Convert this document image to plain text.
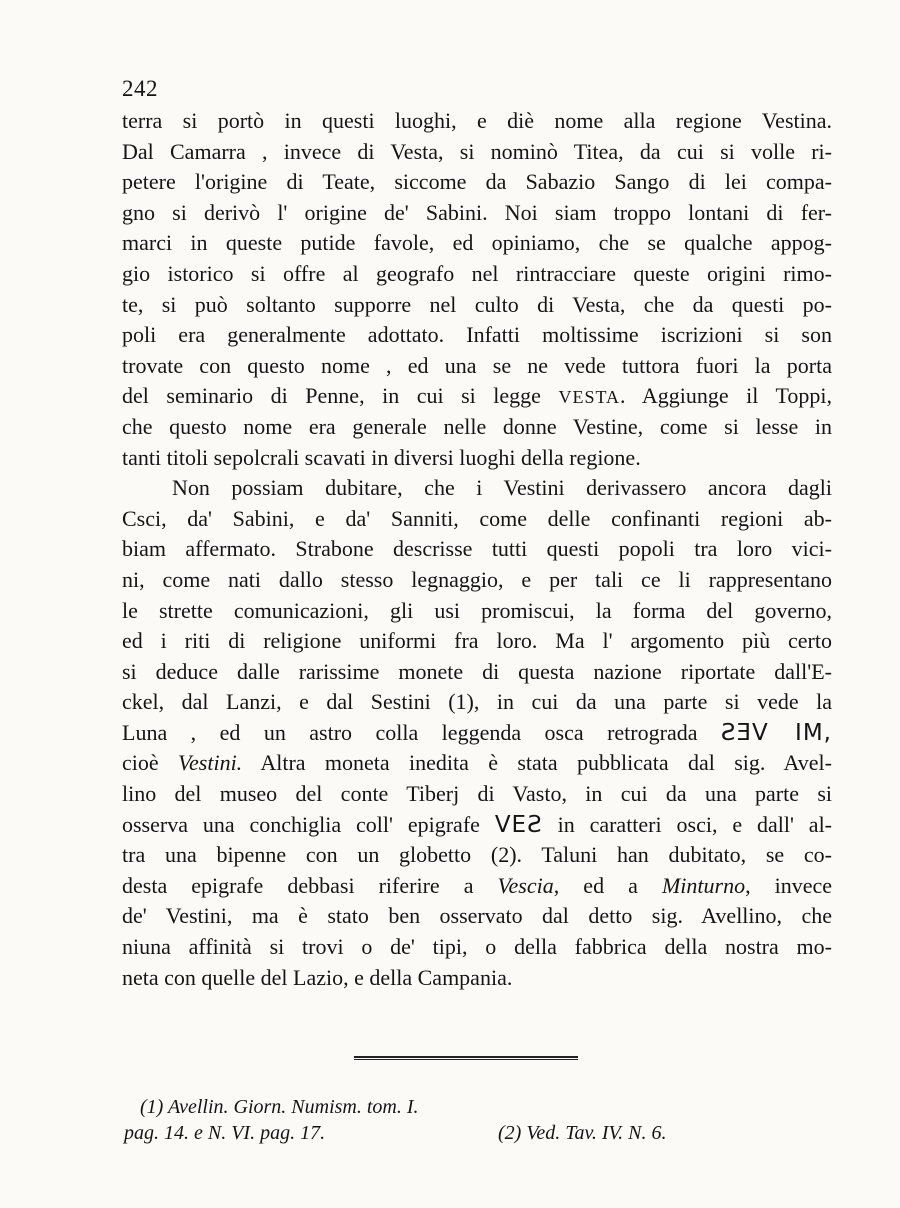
242
terra si portò in questi luoghi, e diè nome alla regione Vestina.
Dal Camarra , invece di Vesta, si nominò Titea, da cui si volle ri-
petere l'origine di Teate, siccome da Sabazio Sango di lei compa-
gno si derivò l' origine de' Sabini. Noi siam troppo lontani di fer-
marci in queste putide favole, ed opiniamo, che se qualche appog-
gio istorico si offre al geografo nel rintracciare queste origini rimo-
te, si può soltanto supporre nel culto di Vesta, che da questi po-
poli era generalmente adottato. Infatti moltissime iscrizioni si son
trovate con questo nome , ed una se ne vede tuttora fuori la porta
del seminario di Penne, in cui si legge VESTA. Aggiunge il Toppi,
che questo nome era generale nelle donne Vestine, come si lesse in
tanti titoli sepolcrali scavati in diversi luoghi della regione.
Non possiam dubitare, che i Vestini derivassero ancora dagli
Csci, da' Sabini, e da' Sanniti, come delle confinanti regioni ab-
biam affermato. Strabone descrisse tutti questi popoli tra loro vici-
ni, come nati dallo stesso legnaggio, e per tali ce li rappresentano
le strette comunicazioni, gli usi promiscui, la forma del governo,
ed i riti di religione uniformi fra loro. Ma l' argomento più certo
si deduce dalle rarissime monete di questa nazione riportate dall'E-
ckel, dal Lanzi, e dal Sestini (1), in cui da una parte si vede la
Luna , ed un astro colla leggenda osca retrograda ƧƎV IM,
cioè Vestini. Altra moneta inedita è stata pubblicata dal sig. Avel-
lino del museo del conte Tiberj di Vasto, in cui da una parte si
osserva una conchiglia coll' epigrafe VEƧ in caratteri osci, e dall' al-
tra una bipenne con un globetto (2). Taluni han dubitato, se co-
desta epigrafe debbasi riferire a Vescia, ed a Minturno, invece
de' Vestini, ma è stato ben osservato dal detto sig. Avellino, che
niuna affinità si trovi o de' tipi, o della fabbrica della nostra mo-
neta con quelle del Lazio, e della Campania.
(1) Avellin. Giorn. Numism. tom. I.
pag. 14. e N. VI. pag. 17.	(2) Ved. Tav. IV. N. 6.
